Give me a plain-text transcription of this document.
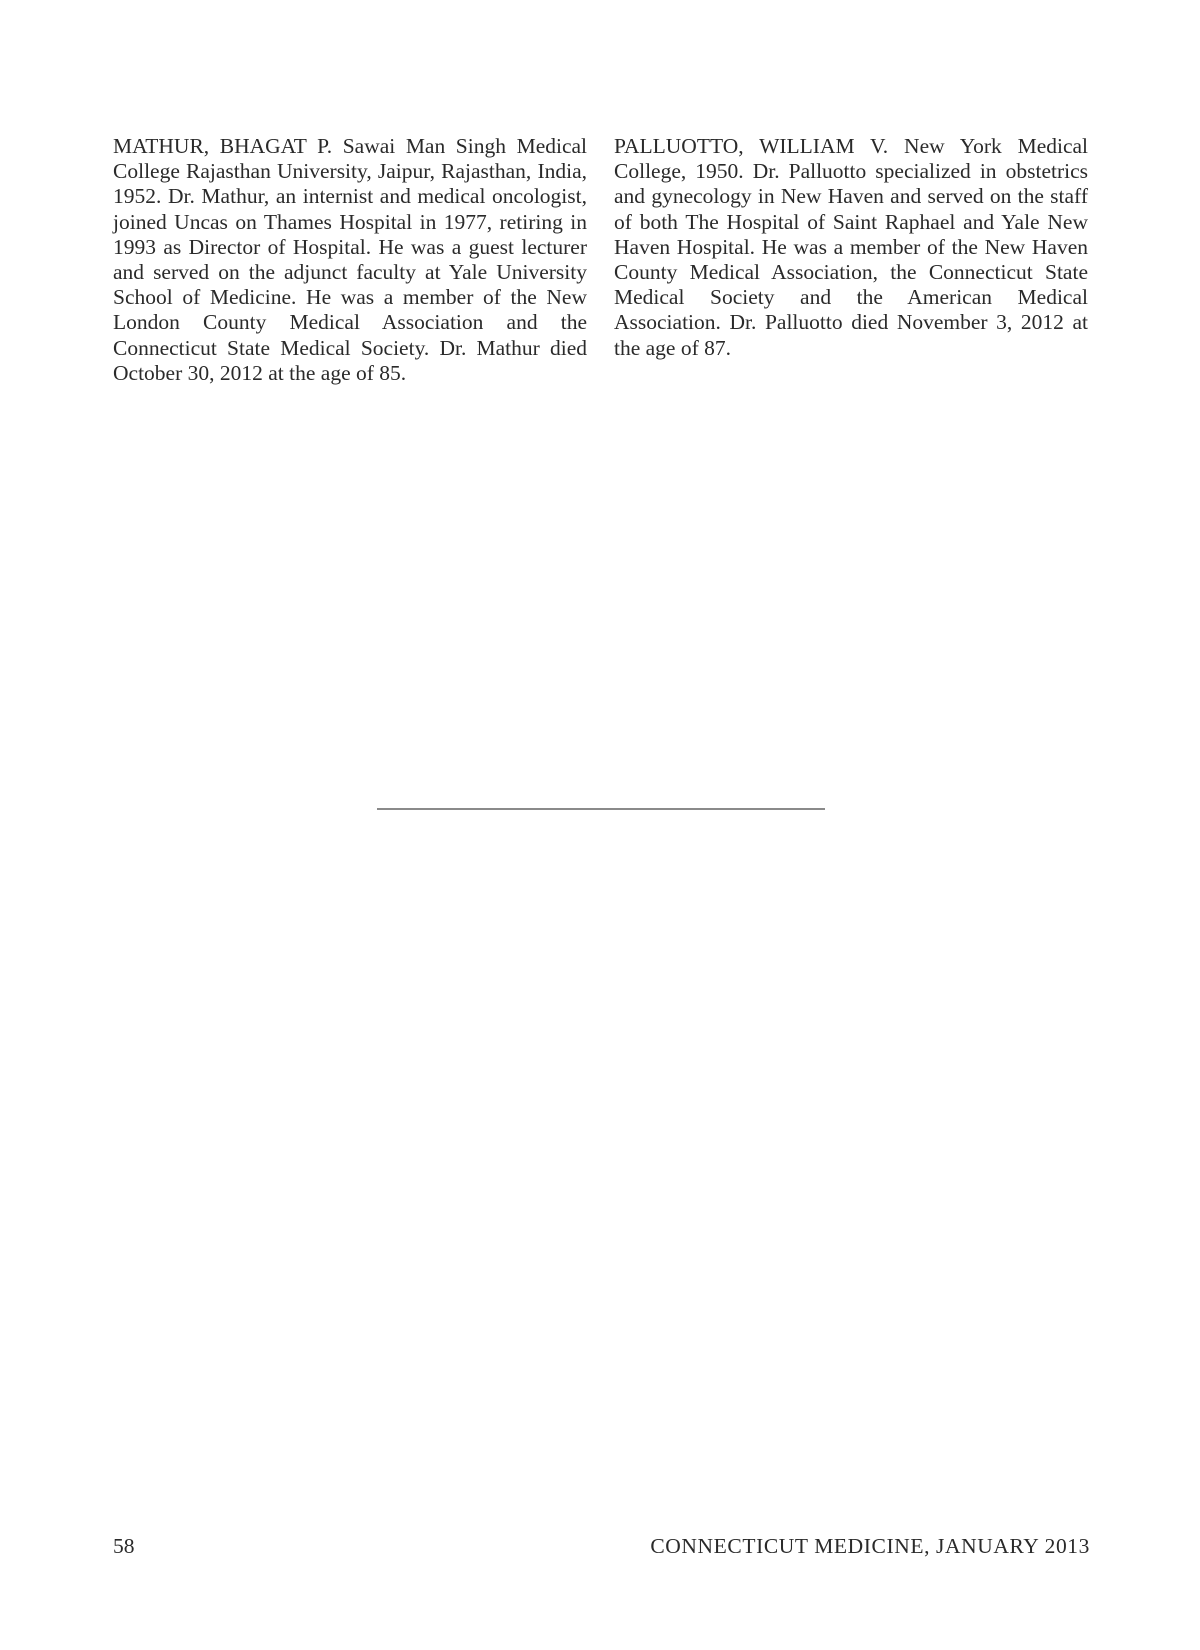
MATHUR, BHAGAT P. Sawai Man Singh Medical College Rajasthan University, Jaipur, Rajasthan, India, 1952. Dr. Mathur, an internist and medical oncologist, joined Uncas on Thames Hospital in 1977, retiring in 1993 as Director of Hospital. He was a guest lecturer and served on the adjunct faculty at Yale University School of Medicine. He was a member of the New London County Medical Association and the Connecticut State Medical Society. Dr. Mathur died October 30, 2012 at the age of 85.
PALLUOTTO, WILLIAM V. New York Medical College, 1950. Dr. Palluotto specialized in obstetrics and gynecology in New Haven and served on the staff of both The Hospital of Saint Raphael and Yale New Haven Hospital. He was a member of the New Haven County Medical Association, the Connecticut State Medical Society and the American Medical Association. Dr. Palluotto died November 3, 2012 at the age of 87.
58	CONNECTICUT MEDICINE, JANUARY 2013
